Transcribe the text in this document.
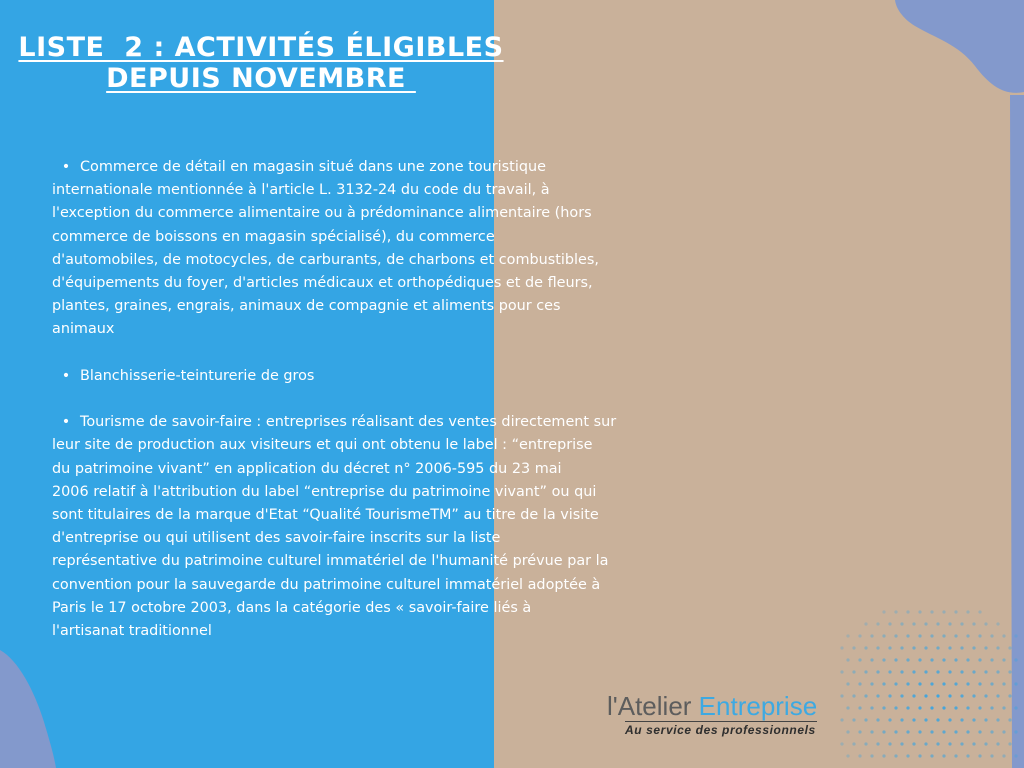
LISTE  2 : ACTIVITÉS ÉLIGIBLES
DEPUIS NOVEMBRE

• Commerce de détail en magasin situé dans une zone touristique

internationale mentionnée à l'article L. 3132-24 du code du travail, à

l'exception du commerce alimentaire ou à prédominance alimentaire (hors

commerce de boissons en magasin spécialisé), du commerce

d'automobiles, de motocycles, de carburants, de charbons et combustibles,

d'équipements du foyer, d'articles médicaux et orthopédiques et de fleurs,

plantes, graines, engrais, animaux de compagnie et aliments pour ces

animaux

• Blanchisserie-teinturerie de gros

• Tourisme de savoir-faire : entreprises réalisant des ventes directement sur

leur site de production aux visiteurs et qui ont obtenu le label : “entreprise

du patrimoine vivant” en application du décret n° 2006-595 du 23 mai

2006 relatif à l'attribution du label “entreprise du patrimoine vivant” ou qui

sont titulaires de la marque d'Etat “Qualité TourismeTM” au titre de la visite

d'entreprise ou qui utilisent des savoir-faire inscrits sur la liste

représentative du patrimoine culturel immatériel de l'humanité prévue par la

convention pour la sauvegarde du patrimoine culturel immatériel adoptée à

Paris le 17 octobre 2003, dans la catégorie des « savoir-faire liés à

l'artisanat traditionnel

l'Atelier Entreprise
Au service des professionnels
